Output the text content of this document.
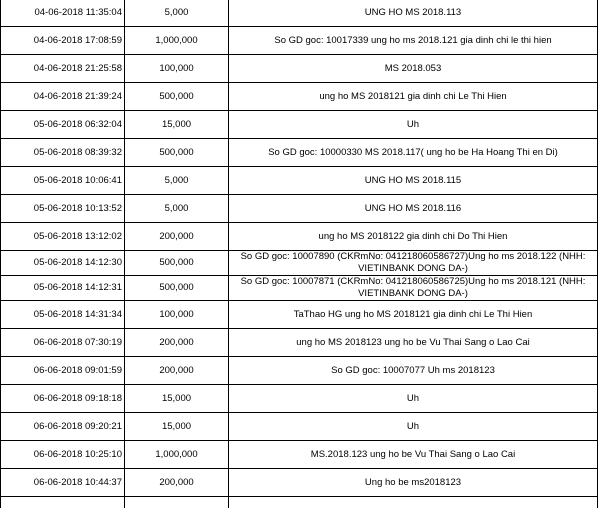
04-06-2018 11:35:04	5,000	UNG HO MS 2018.113
04-06-2018 17:08:59	1,000,000	So GD goc: 10017339 ung ho ms 2018.121 gia dinh chi le thi hien
04-06-2018 21:25:58	100,000	MS 2018.053
04-06-2018 21:39:24	500,000	ung ho MS 2018121 gia dinh chi Le Thi Hien
05-06-2018 06:32:04	15,000	Uh
05-06-2018 08:39:32	500,000	So GD goc: 10000330 MS 2018.117( ung ho be Ha Hoang Thi en Di)
05-06-2018 10:06:41	5,000	UNG HO MS 2018.115
05-06-2018 10:13:52	5,000	UNG HO MS 2018.116
05-06-2018 13:12:02	200,000	ung ho MS 2018122 gia dinh chi Do Thi Hien
05-06-2018 14:12:30	500,000	So GD goc: 10007890 (CKRmNo: 041218060586727)Ung ho ms 2018.122 (NHH: VIETINBANK DONG DA-)
05-06-2018 14:12:31	500,000	So GD goc: 10007871 (CKRmNo: 041218060586725)Ung ho ms 2018.121 (NHH: VIETINBANK DONG DA-)
05-06-2018 14:31:34	100,000	TaThao HG ung ho MS 2018121 gia dinh chi Le Thi Hien
06-06-2018 07:30:19	200,000	ung ho MS 2018123 ung ho be Vu Thai Sang o Lao Cai
06-06-2018 09:01:59	200,000	So GD goc: 10007077 Uh ms 2018123
06-06-2018 09:18:18	15,000	Uh
06-06-2018 09:20:21	15,000	Uh
06-06-2018 10:25:10	1,000,000	MS.2018.123 ung ho be Vu Thai Sang o Lao Cai
06-06-2018 10:44:37	200,000	Ung ho be ms2018123
